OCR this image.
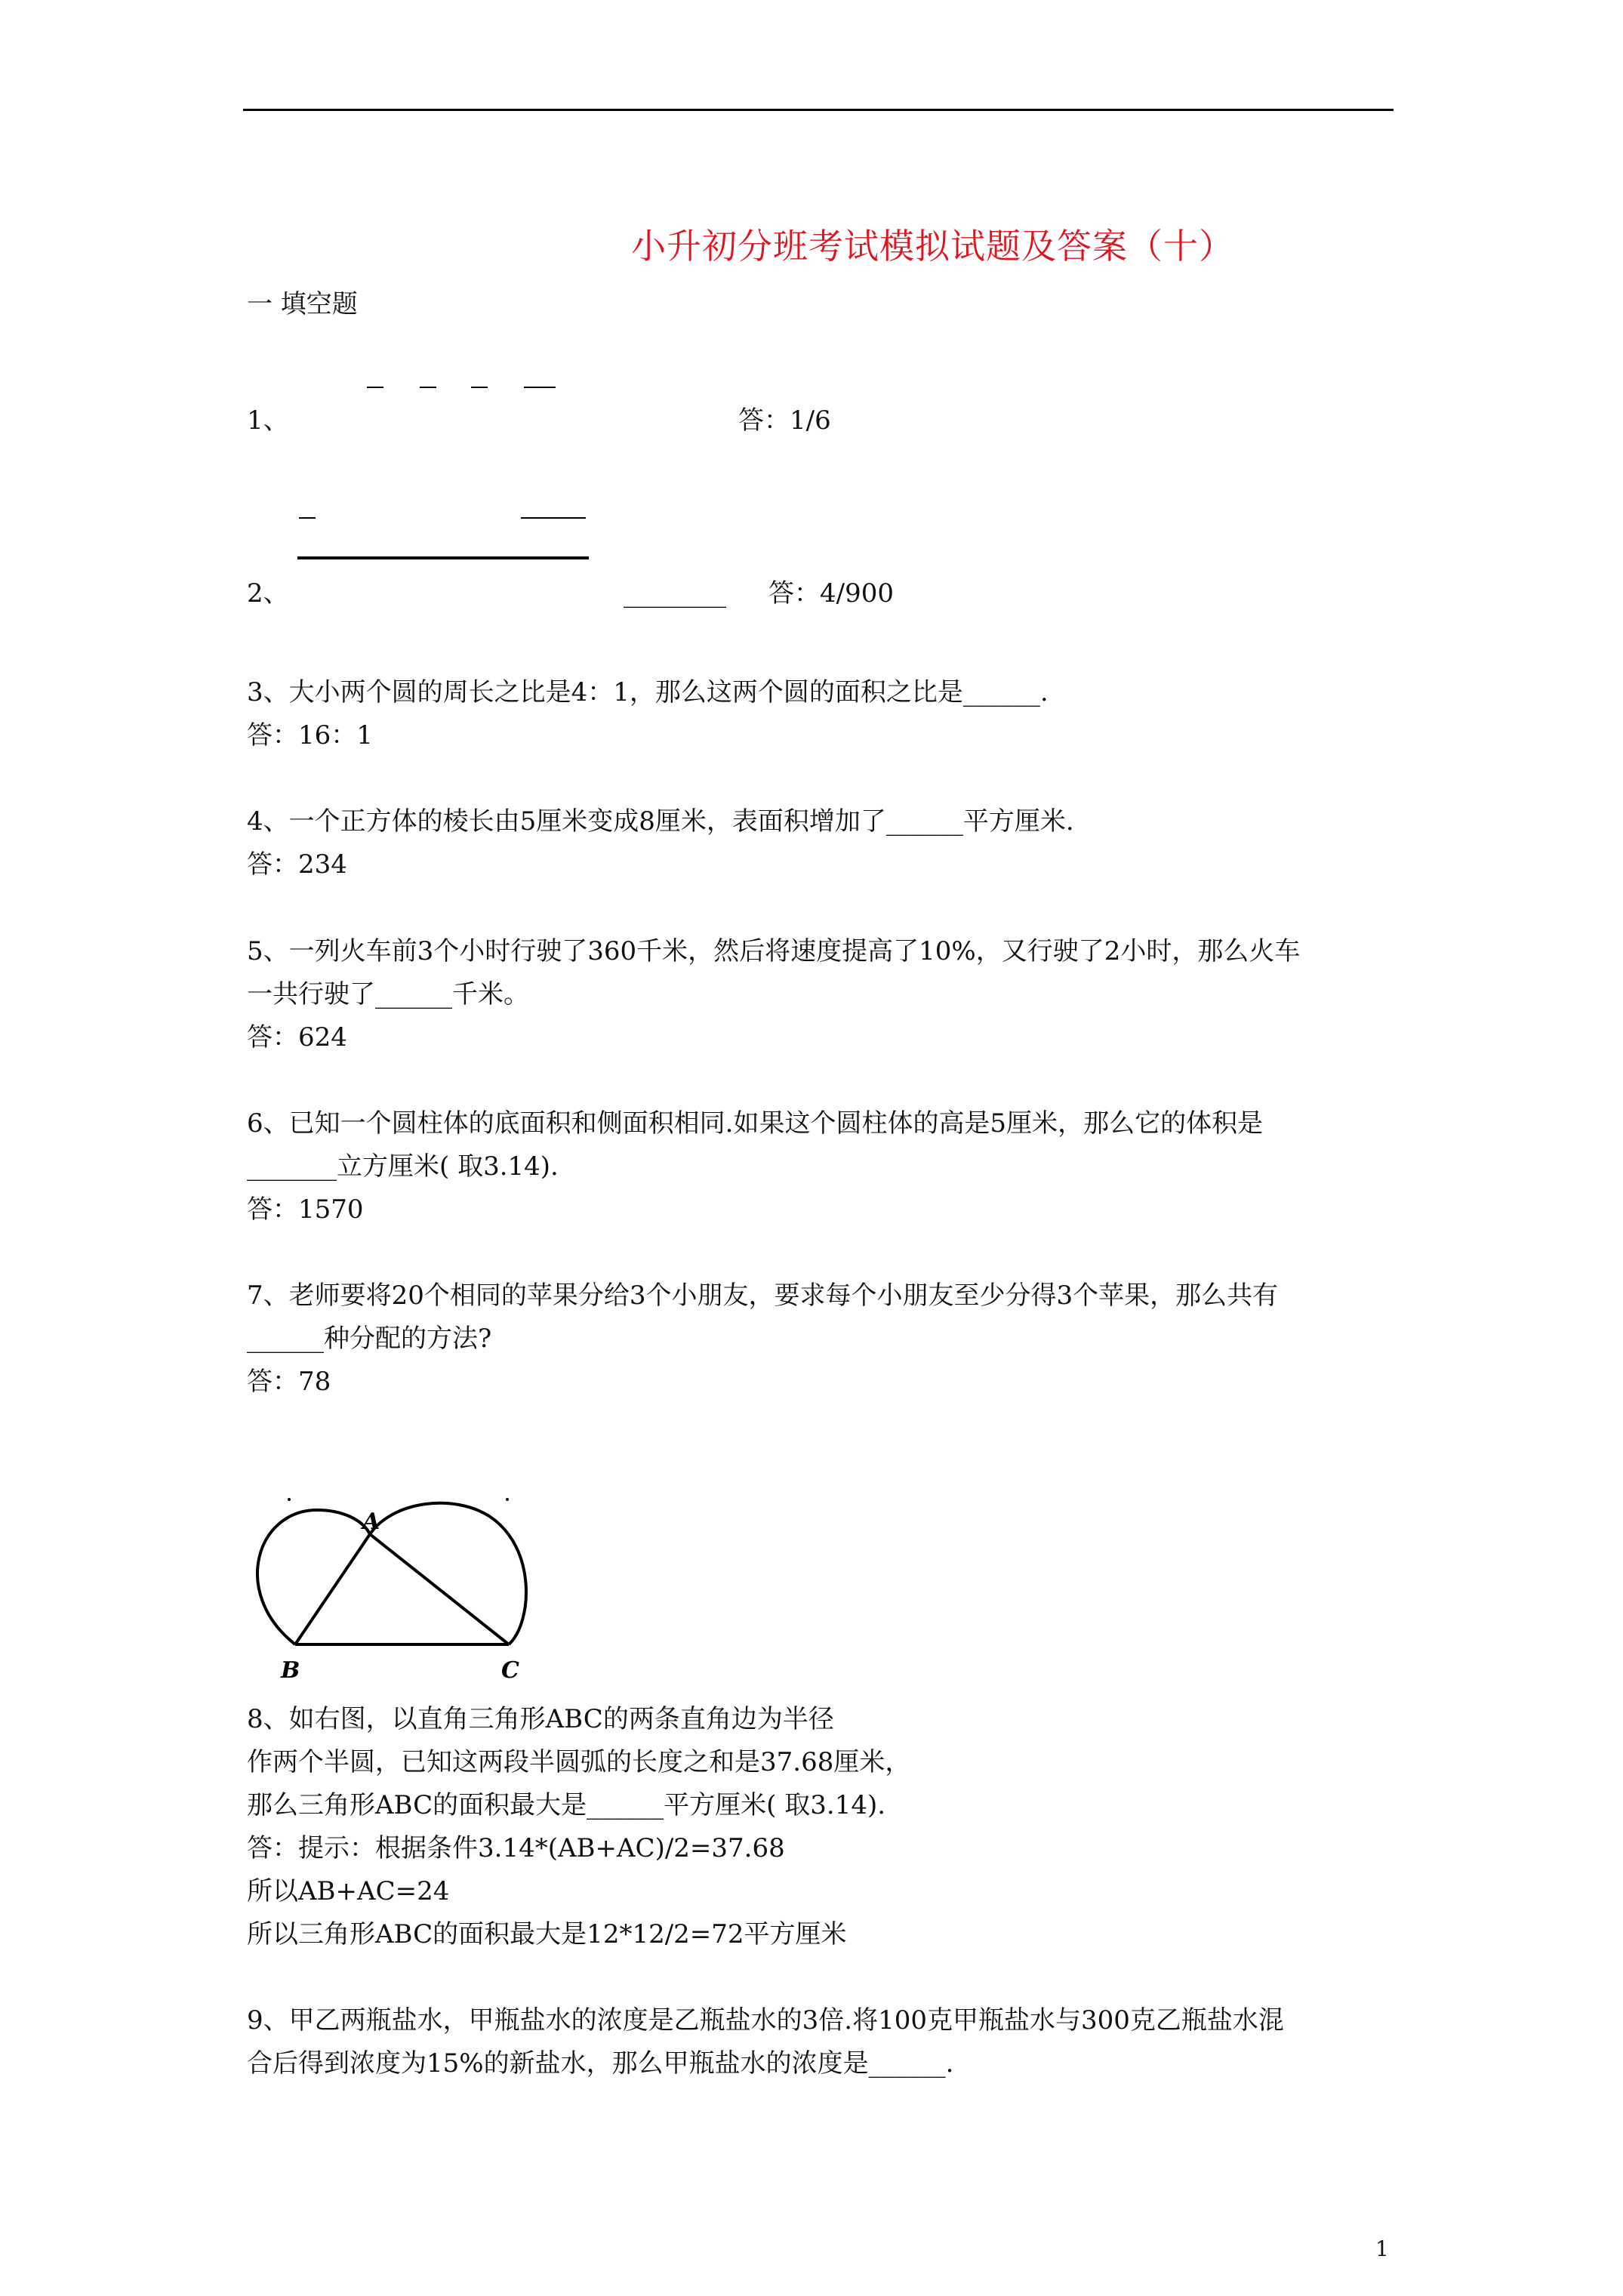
小升初分班考试模拟试题及答案（十）
一 填空题
1、	答：1/6
2、	________ 答：4/900
3、大小两个圆的周长之比是4：1，那么这两个圆的面积之比是______.
答：16：1
4、一个正方体的棱长由5厘米变成8厘米，表面积增加了______平方厘米.
答：234
5、一列火车前3个小时行驶了360千米，然后将速度提高了10%，又行驶了2小时，那么火车
一共行驶了______千米。
答：624
6、已知一个圆柱体的底面积和侧面积相同.如果这个圆柱体的高是5厘米，那么它的体积是
_______立方厘米( 取3.14).
答：1570
7、老师要将20个相同的苹果分给3个小朋友，要求每个小朋友至少分得3个苹果，那么共有
______种分配的方法?
答：78
A
B	C
8、如右图，以直角三角形ABC的两条直角边为半径
作两个半圆，已知这两段半圆弧的长度之和是37.68厘米，
那么三角形ABC的面积最大是______平方厘米( 取3.14).
答：提示：根据条件3.14*(AB+AC)/2=37.68
所以AB+AC=24
所以三角形ABC的面积最大是12*12/2=72平方厘米
9、甲乙两瓶盐水，甲瓶盐水的浓度是乙瓶盐水的3倍.将100克甲瓶盐水与300克乙瓶盐水混
合后得到浓度为15%的新盐水，那么甲瓶盐水的浓度是______.
1
